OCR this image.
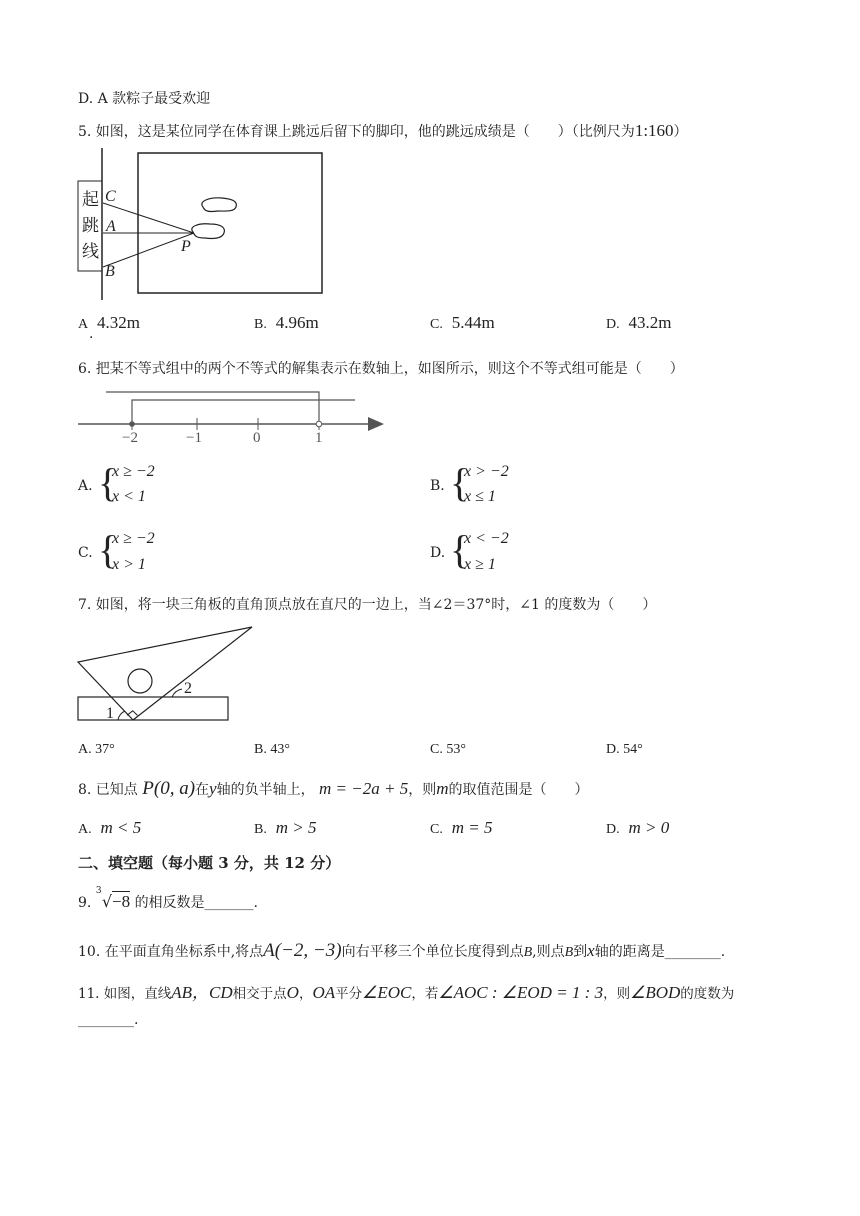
D. A 款粽子最受欢迎
5. 如图，这是某位同学在体育课上跳远后留下的脚印，他的跳远成绩是（　　）（比例尺为1:160）
起
跳
线
C
A
B
P
A 4.32m
.
B. 4.96m	C. 5.44m	D. 43.2m
6. 把某不等式组中的两个不等式的解集表示在数轴上，如图所示，则这个不等式组可能是（　　）
−2	−1	0	1
A. {
x ≥ −2
x < 1
B. {
x > −2
x ≤ 1
C. {
x ≥ −2
x > 1
D. {
x < −2
x ≥ 1
7. 如图，将一块三角板的直角顶点放在直尺的一边上，当∠2＝37°时，∠1 的度数为（　　）
1
2
A. 37°	B. 43°	C. 53°	D. 54°
8. 已知点 P(0, a)在y轴的负半轴上， m = −2a + 5，则m的取值范围是（　　）
A. m < 5	B. m > 5	C. m = 5	D. m > 0
二、填空题（每小题 3 分，共 12 分）
9.
3
√−8 的相反数是_______.
10. 在平面直角坐标系中,将点A(−2, −3)向右平移三个单位长度得到点B,则点B到x轴的距离是________.
11. 如图，直线AB，CD相交于点O，OA平分∠EOC，若∠AOC : ∠EOD = 1 : 3，则∠BOD的度数为
________.
